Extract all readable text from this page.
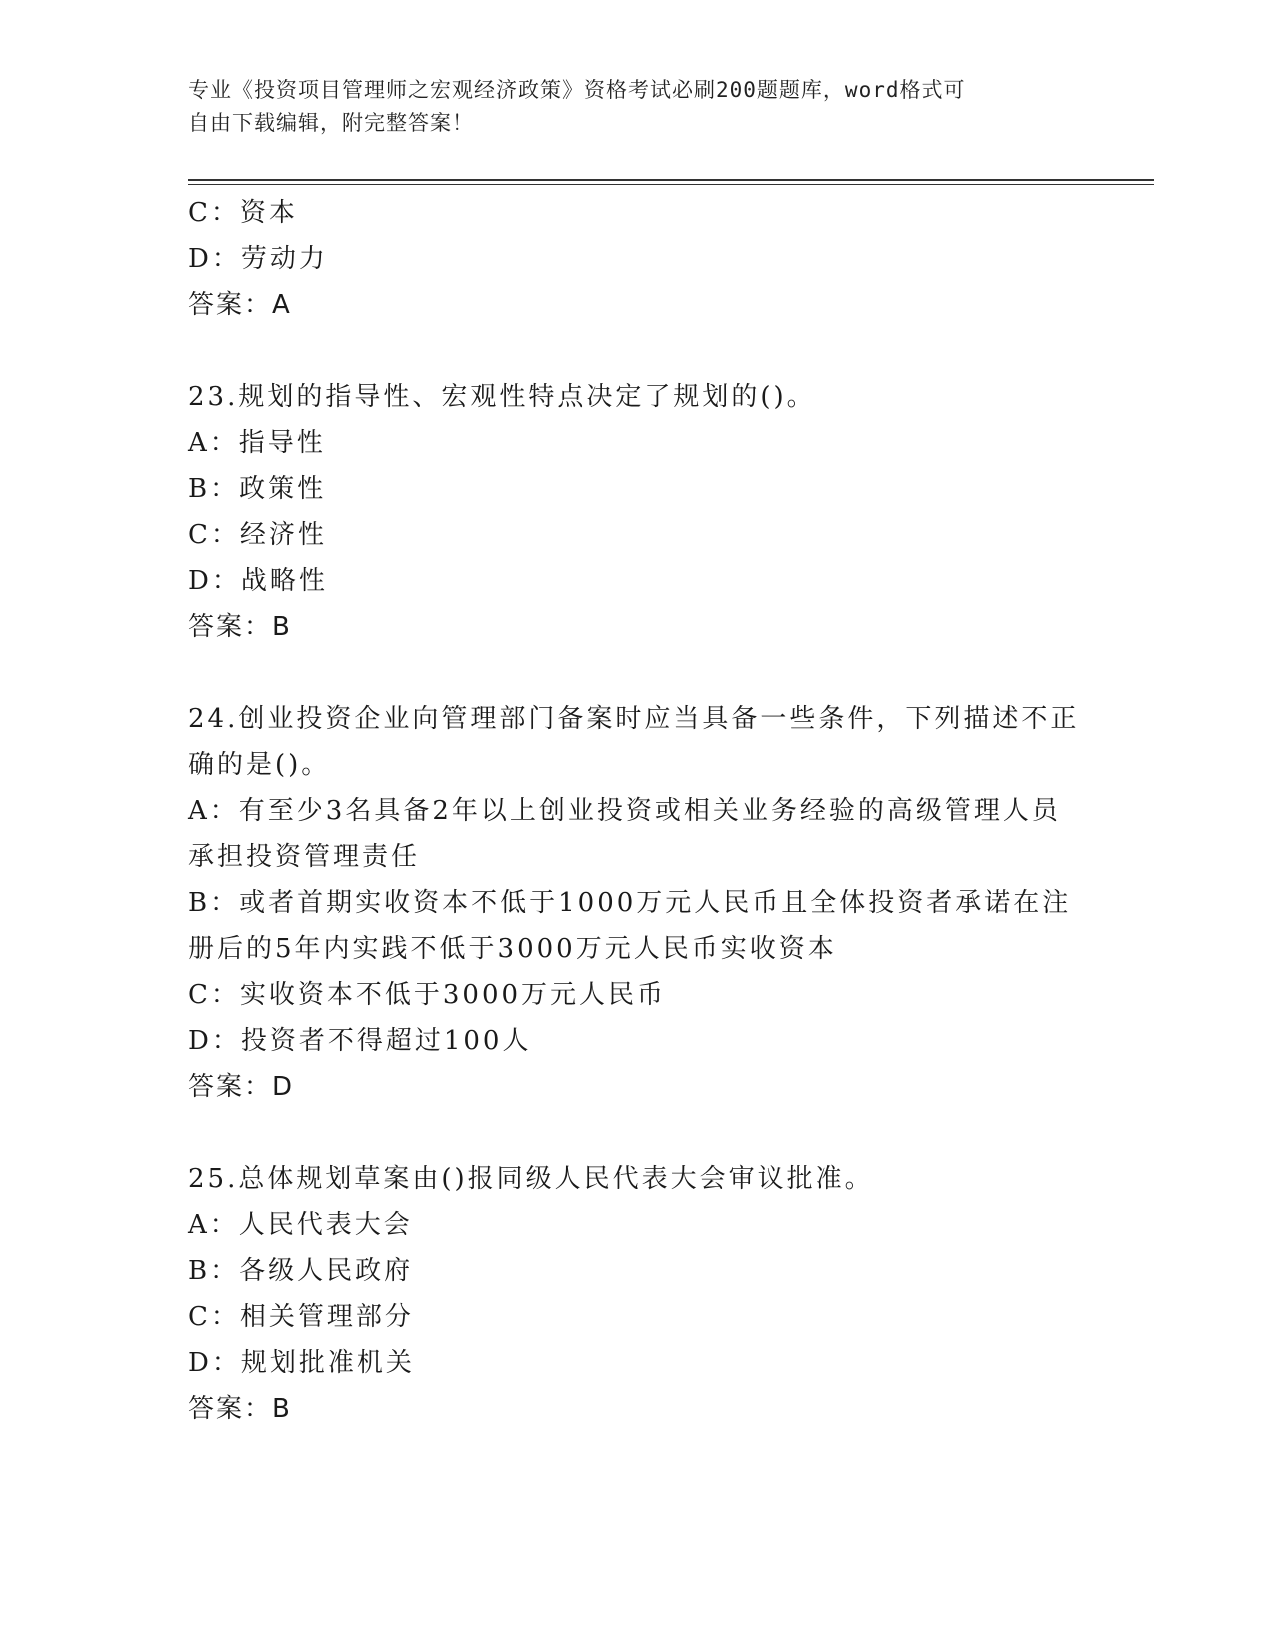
专业《投资项目管理师之宏观经济政策》资格考试必刷200题题库，word格式可
自由下载编辑，附完整答案！
C：资本
D：劳动力
答案：A
23.规划的指导性、宏观性特点决定了规划的()。
A：指导性
B：政策性
C：经济性
D：战略性
答案：B
24.创业投资企业向管理部门备案时应当具备一些条件，下列描述不正
确的是()。
A：有至少3名具备2年以上创业投资或相关业务经验的高级管理人员
承担投资管理责任
B：或者首期实收资本不低于1000万元人民币且全体投资者承诺在注
册后的5年内实践不低于3000万元人民币实收资本
C：实收资本不低于3000万元人民币
D：投资者不得超过100人
答案：D
25.总体规划草案由()报同级人民代表大会审议批准。
A：人民代表大会
B：各级人民政府
C：相关管理部分
D：规划批准机关
答案：B
